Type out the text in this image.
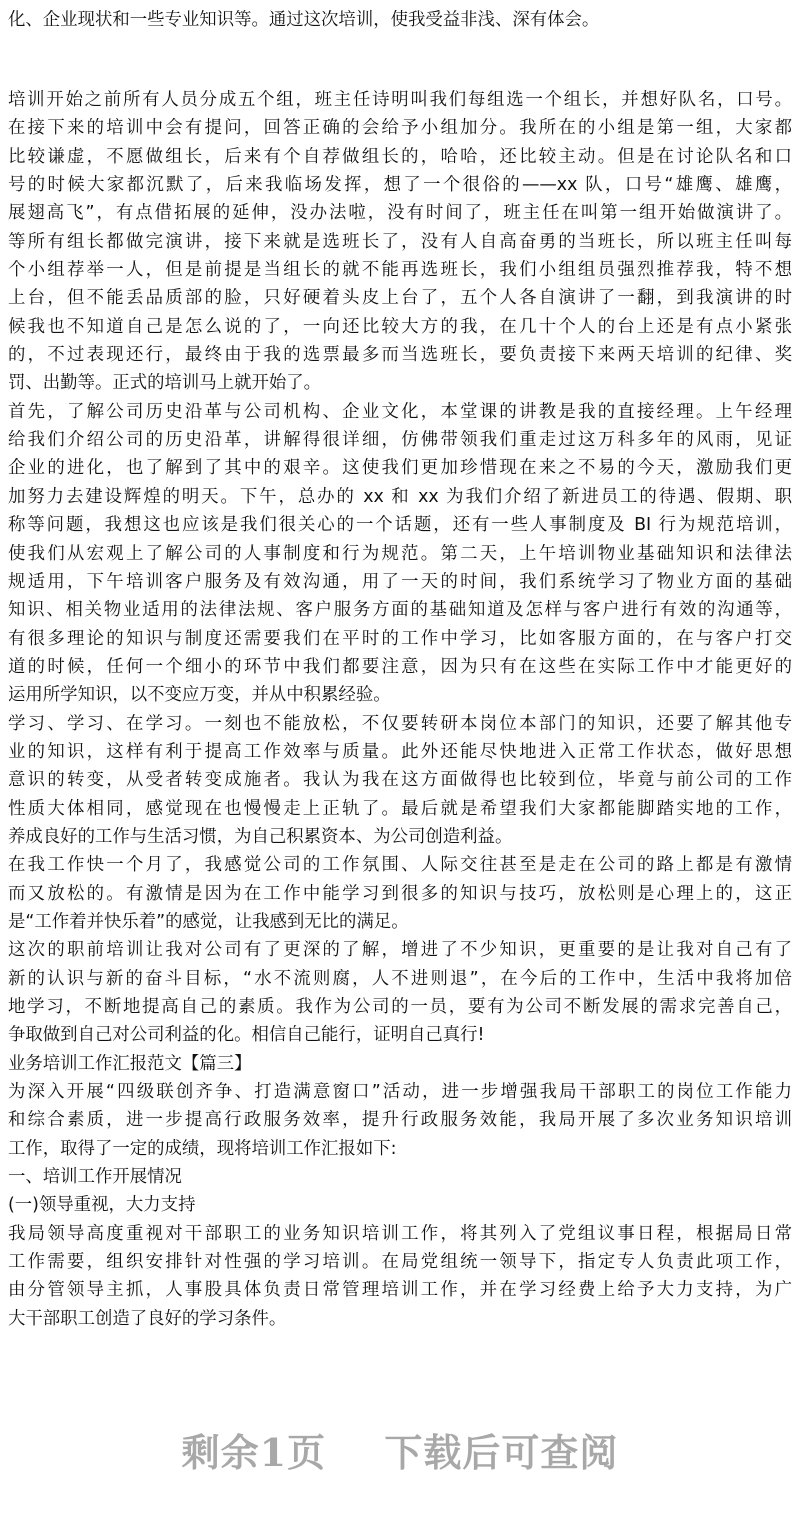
化、企业现状和一些专业知识等。通过这次培训，使我受益非浅、深有体会。
培训开始之前所有人员分成五个组，班主任诗明叫我们每组选一个组长，并想好队名，口号。
在接下来的培训中会有提问，回答正确的会给予小组加分。我所在的小组是第一组，大家都
比较谦虚，不愿做组长，后来有个自荐做组长的，哈哈，还比较主动。但是在讨论队名和口
号的时候大家都沉默了，后来我临场发挥，想了一个很俗的——xx 队，口号“雄鹰、雄鹰，
展翅高飞”，有点借拓展的延伸，没办法啦，没有时间了，班主任在叫第一组开始做演讲了。
等所有组长都做完演讲，接下来就是选班长了，没有人自高奋勇的当班长，所以班主任叫每
个小组荐举一人，但是前提是当组长的就不能再选班长，我们小组组员强烈推荐我，特不想
上台，但不能丢品质部的脸，只好硬着头皮上台了，五个人各自演讲了一翻，到我演讲的时
候我也不知道自己是怎么说的了，一向还比较大方的我，在几十个人的台上还是有点小紧张
的，不过表现还行，最终由于我的选票最多而当选班长，要负责接下来两天培训的纪律、奖
罚、出勤等。正式的培训马上就开始了。
首先，了解公司历史沿革与公司机构、企业文化，本堂课的讲教是我的直接经理。上午经理
给我们介绍公司的历史沿革，讲解得很详细，仿佛带领我们重走过这万科多年的风雨，见证
企业的进化，也了解到了其中的艰辛。这使我们更加珍惜现在来之不易的今天，激励我们更
加努力去建设辉煌的明天。下午，总办的 xx 和 xx 为我们介绍了新进员工的待遇、假期、职
称等问题，我想这也应该是我们很关心的一个话题，还有一些人事制度及 BI 行为规范培训，
使我们从宏观上了解公司的人事制度和行为规范。第二天，上午培训物业基础知识和法律法
规适用，下午培训客户服务及有效沟通，用了一天的时间，我们系统学习了物业方面的基础
知识、相关物业适用的法律法规、客户服务方面的基础知道及怎样与客户进行有效的沟通等，
有很多理论的知识与制度还需要我们在平时的工作中学习，比如客服方面的，在与客户打交
道的时候，任何一个细小的环节中我们都要注意，因为只有在这些在实际工作中才能更好的
运用所学知识，以不变应万变，并从中积累经验。
学习、学习、在学习。一刻也不能放松，不仅要转研本岗位本部门的知识，还要了解其他专
业的知识，这样有利于提高工作效率与质量。此外还能尽快地进入正常工作状态，做好思想
意识的转变，从受者转变成施者。我认为我在这方面做得也比较到位，毕竟与前公司的工作
性质大体相同，感觉现在也慢慢走上正轨了。最后就是希望我们大家都能脚踏实地的工作，
养成良好的工作与生活习惯，为自己积累资本、为公司创造利益。
在我工作快一个月了，我感觉公司的工作氛围、人际交往甚至是走在公司的路上都是有激情
而又放松的。有激情是因为在工作中能学习到很多的知识与技巧，放松则是心理上的，这正
是“工作着并快乐着”的感觉，让我感到无比的满足。
这次的职前培训让我对公司有了更深的了解，增进了不少知识，更重要的是让我对自己有了
新的认识与新的奋斗目标，“水不流则腐，人不进则退”，在今后的工作中，生活中我将加倍
地学习，不断地提高自己的素质。我作为公司的一员，要有为公司不断发展的需求完善自己，
争取做到自己对公司利益的化。相信自己能行，证明自己真行!
业务培训工作汇报范文【篇三】
为深入开展“四级联创齐争、打造满意窗口”活动，进一步增强我局干部职工的岗位工作能力
和综合素质，进一步提高行政服务效率，提升行政服务效能，我局开展了多次业务知识培训
工作，取得了一定的成绩，现将培训工作汇报如下:
一、培训工作开展情况
(一)领导重视，大力支持
我局领导高度重视对干部职工的业务知识培训工作，将其列入了党组议事日程，根据局日常
工作需要，组织安排针对性强的学习培训。在局党组统一领导下，指定专人负责此项工作，
由分管领导主抓，人事股具体负责日常管理培训工作，并在学习经费上给予大力支持，为广
大干部职工创造了良好的学习条件。
剩余1页 下载后可查阅
